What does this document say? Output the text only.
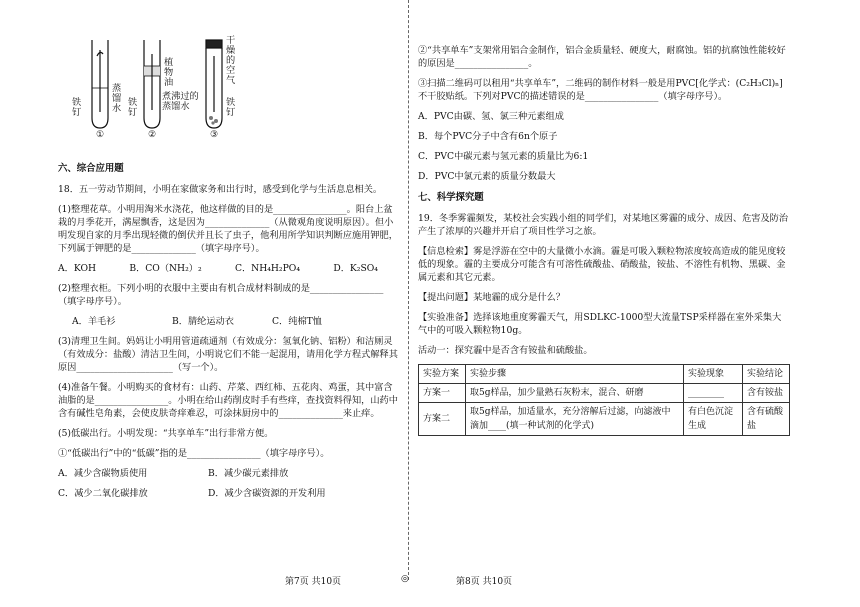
铁
钉
蒸
馏
水
①
铁
钉
植
物
油
煮沸过的
蒸馏水
②
干
燥
的
空
气
铁
钉
③
六、综合应用题

18．五一劳动节期间，小明在家做家务和出行时，感受到化学与生活息息相关。

(1)整理花草。小明用淘米水浇花，他这样做的目的是________________。阳台上盆栽的月季花开，满屋飘香，这是因为______________（从微观角度说明原因）。但小明发现自家的月季出现轻微的倒伏并且长了虫子，他利用所学知识判断应施用钾肥，下列属于钾肥的是______________（填字母序号）。

A．KOH	B．CO（NH₂）₂	C．NH₄H₂PO₄	D．K₂SO₄

(2)整理衣柜。下列小明的衣服中主要由有机合成材料制成的是________________（填字母序号）。

A．羊毛衫	B．腈纶运动衣	C．纯棉T恤

(3)清理卫生间。妈妈让小明用管道疏通剂（有效成分：氢氧化钠、铝粉）和洁厕灵（有效成分：盐酸）清洁卫生间，小明说它们不能一起混用，请用化学方程式解释其原因_____________________（写一个）。

(4)准备午餐。小明购买的食材有：山药、芹菜、西红柿、五花肉、鸡蛋，其中富含油脂的是________________。小明在给山药削皮时手有些痒，查找资料得知，山药中含有碱性皂角素，会使皮肤奇痒难忍，可涂抹厨房中的______________来止痒。

(5)低碳出行。小明发现：“共享单车”出行非常方便。

①“低碳出行”中的“低碳”指的是________________（填字母序号）。

A．减少含碳物质使用	B．减少碳元素排放
C．减少二氧化碳排放	D．减少含碳资源的开发利用

②“共享单车”支架常用铝合金制作，铝合金质量轻、硬度大，耐腐蚀。铝的抗腐蚀性能较好的原因是________________。

③扫描二维码可以租用“共享单车”，二维码的制作材料一般是用PVC[化学式：(C₂H₃Cl)ₙ]不干胶贴纸。下列对PVC的描述错误的是________________（填字母序号）。

A．PVC由碳、氢、氯三种元素组成

B．每个PVC分子中含有6n个原子

C．PVC中碳元素与氢元素的质量比为6:1

D．PVC中氯元素的质量分数最大

七、科学探究题

19．冬季雾霾频发，某校社会实践小组的同学们，对某地区雾霾的成分、成因、危害及防治产生了浓厚的兴趣并开启了项目性学习之旅。

【信息检索】雾是浮游在空中的大量微小水滴。霾是可吸入颗粒物浓度较高造成的能见度较低的现象。霾的主要成分可能含有可溶性硫酸盐、硝酸盐，铵盐、不溶性有机物、黑碳、金属元素和其它元素。

【提出问题】某地霾的成分是什么？

【实验准备】选择该地重度雾霾天气，用SDLKC-1000型大流量TSP采样器在室外采集大气中的可吸入颗粒物10g。

活动一：探究霾中是否含有铵盐和硫酸盐。

实验方案	实验步骤	实验现象	实验结论
方案一	取5g样品，加少量熟石灰粉末，混合、研磨	________	含有铵盐
方案二	取5g样品，加适量水，充分溶解后过滤，向滤液中滴加____(填一种试剂的化学式)	有白色沉淀生成	含有硫酸盐
第7页 共10页	◎	第8页 共10页
